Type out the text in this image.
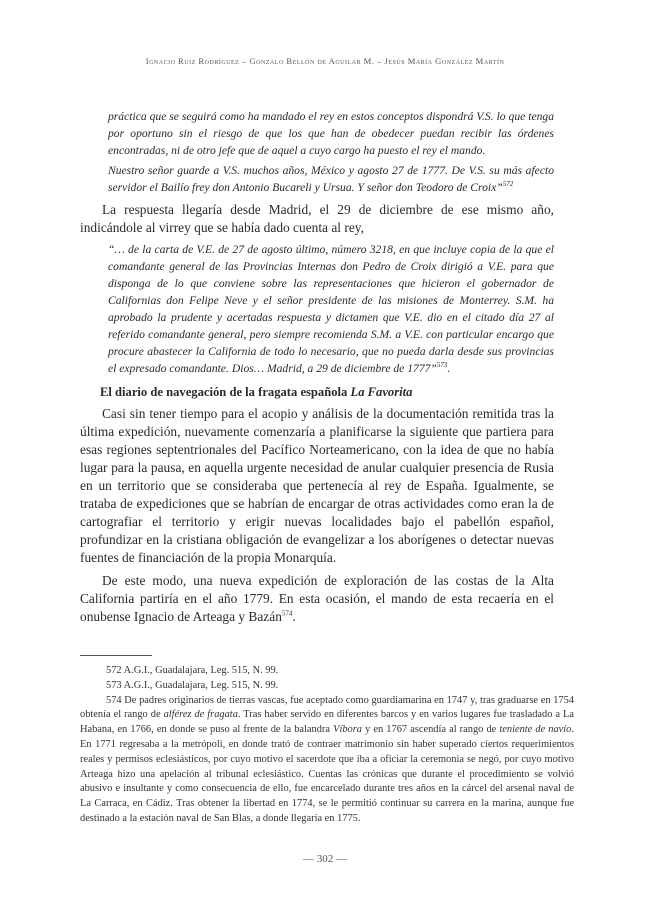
Ignacio Ruiz Rodríguez – Gonzalo Bellón de Aguilar M. – Jesús María González Martín

práctica que se seguirá como ha mandado el rey en estos conceptos dispondrá V.S. lo que tenga por oportuno sin el riesgo de que los que han de obedecer puedan recibir las órdenes encontradas, ni de otro jefe que de aquel a cuyo cargo ha puesto el rey el mando.

Nuestro señor guarde a V.S. muchos años, México y agosto 27 de 1777. De V.S. su más afecto servidor el Bailío frey don Antonio Bucareli y Ursua. Y señor don Teodoro de Croix”$^{572}$

La respuesta llegaría desde Madrid, el 29 de diciembre de ese mismo año, indicándole al virrey que se había dado cuenta al rey,

“… de la carta de V.E. de 27 de agosto último, número 3218, en que incluye copia de la que el comandante general de las Provincias Internas don Pedro de Croix dirigió a V.E. para que disponga de lo que conviene sobre las representaciones que hicieron el gobernador de Californias don Felipe Neve y el señor presidente de las misiones de Monterrey. S.M. ha aprobado la prudente y acertadas respuesta y dictamen que V.E. dio en el citado día 27 al referido comandante general, pero siempre recomienda S.M. a V.E. con particular encargo que procure abastecer la California de todo lo necesario, que no pueda darla desde sus provincias el expresado comandante. Dios… Madrid, a 29 de diciembre de 1777”$^{573}$.

El diario de navegación de la fragata española La Favorita

Casi sin tener tiempo para el acopio y análisis de la documentación remitida tras la última expedición, nuevamente comenzaría a planificarse la siguiente que partiera para esas regiones septentrionales del Pacífico Norteamericano, con la idea de que no había lugar para la pausa, en aquella urgente necesidad de anular cualquier presencia de Rusia en un territorio que se consideraba que pertenecía al rey de España. Igualmente, se trataba de expediciones que se habrían de encargar de otras actividades como eran la de cartografiar el territorio y erigir nuevas localidades bajo el pabellón español, profundizar en la cristiana obligación de evangelizar a los aborígenes o detectar nuevas fuentes de financiación de la propia Monarquía.

De este modo, una nueva expedición de exploración de las costas de la Alta California partiría en el año 1779. En esta ocasión, el mando de esta recaería en el onubense Ignacio de Arteaga y Bazán$^{574}$.

572 A.G.I., Guadalajara, Leg. 515, N. 99.

573 A.G.I., Guadalajara, Leg. 515, N. 99.

574 De padres originarios de tierras vascas, fue aceptado como guardiamarina en 1747 y, tras graduarse en 1754 obtenía el rango de alférez de fragata. Tras haber servido en diferentes barcos y en varios lugares fue trasladado a La Habana, en 1766, en donde se puso al frente de la balandra Víbora y en 1767 ascendía al rango de teniente de navío. En 1771 regresaba a la metrópoli, en donde trató de contraer matrimonio sin haber superado ciertos requerimientos reales y permisos eclesiásticos, por cuyo motivo el sacerdote que iba a oficiar la ceremonia se negó, por cuyo motivo Arteaga hizo una apelación al tribunal eclesiástico. Cuentas las crónicas que durante el procedimiento se volvió abusivo e insultante y como consecuencia de ello, fue encarcelado durante tres años en la cárcel del arsenal naval de La Carraca, en Cádiz. Tras obtener la libertad en 1774, se le permitió continuar su carrera en la marina, aunque fue destinado a la estación naval de San Blas, a donde llegaría en 1775.

— 302 —
